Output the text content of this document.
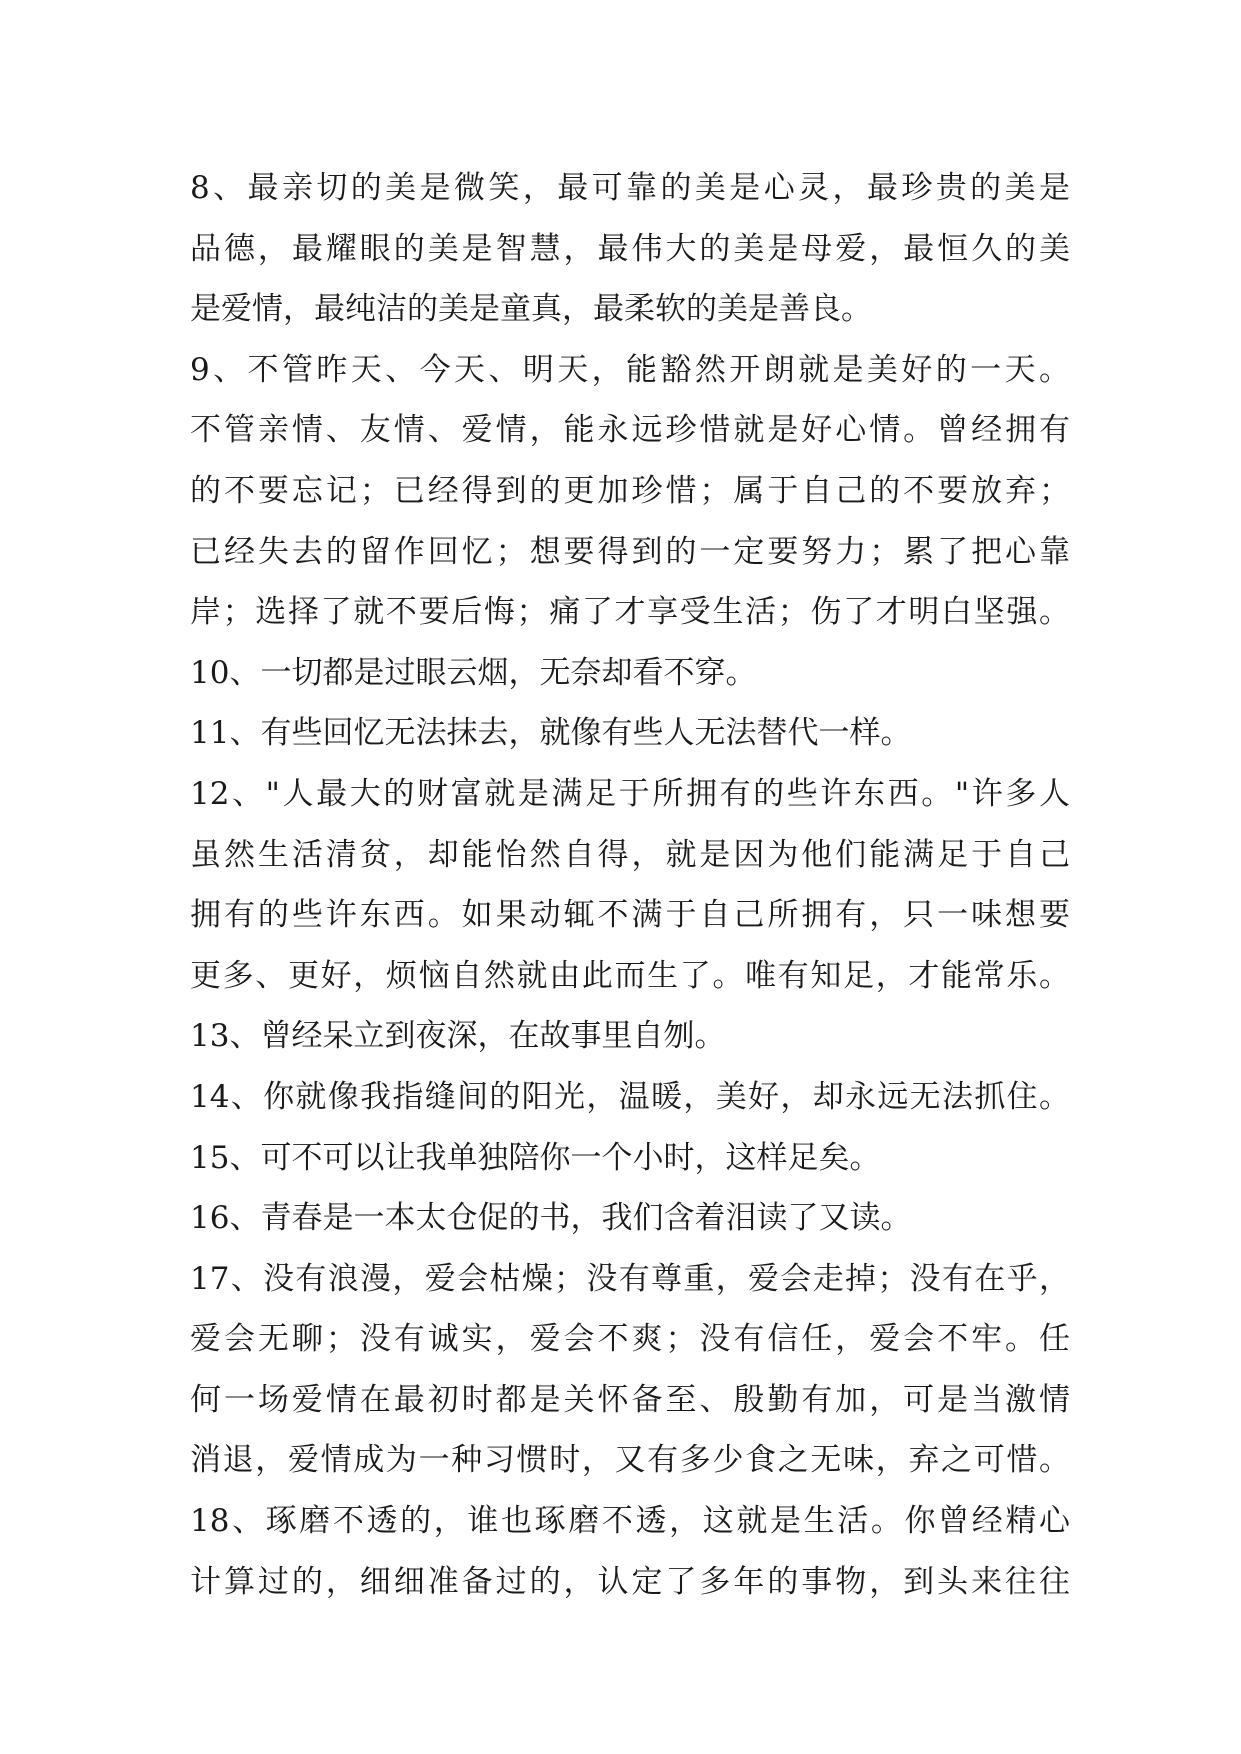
8、最亲切的美是微笑，最可靠的美是心灵，最珍贵的美是
品德，最耀眼的美是智慧，最伟大的美是母爱，最恒久的美
是爱情，最纯洁的美是童真，最柔软的美是善良。
9、不管昨天、今天、明天，能豁然开朗就是美好的一天。
不管亲情、友情、爱情，能永远珍惜就是好心情。曾经拥有
的不要忘记；已经得到的更加珍惜；属于自己的不要放弃；
已经失去的留作回忆；想要得到的一定要努力；累了把心靠
岸；选择了就不要后悔；痛了才享受生活；伤了才明白坚强。
10、一切都是过眼云烟，无奈却看不穿。
11、有些回忆无法抹去，就像有些人无法替代一样。
12、"人最大的财富就是满足于所拥有的些许东西。"许多人
虽然生活清贫，却能怡然自得，就是因为他们能满足于自己
拥有的些许东西。如果动辄不满于自己所拥有，只一味想要
更多、更好，烦恼自然就由此而生了。唯有知足，才能常乐。
13、曾经呆立到夜深，在故事里自刎。
14、你就像我指缝间的阳光，温暖，美好，却永远无法抓住。
15、可不可以让我单独陪你一个小时，这样足矣。
16、青春是一本太仓促的书，我们含着泪读了又读。
17、没有浪漫，爱会枯燥；没有尊重，爱会走掉；没有在乎，
爱会无聊；没有诚实，爱会不爽；没有信任，爱会不牢。任
何一场爱情在最初时都是关怀备至、殷勤有加，可是当激情
消退，爱情成为一种习惯时，又有多少食之无味，弃之可惜。
18、琢磨不透的，谁也琢磨不透，这就是生活。你曾经精心
计算过的，细细准备过的，认定了多年的事物，到头来往往
